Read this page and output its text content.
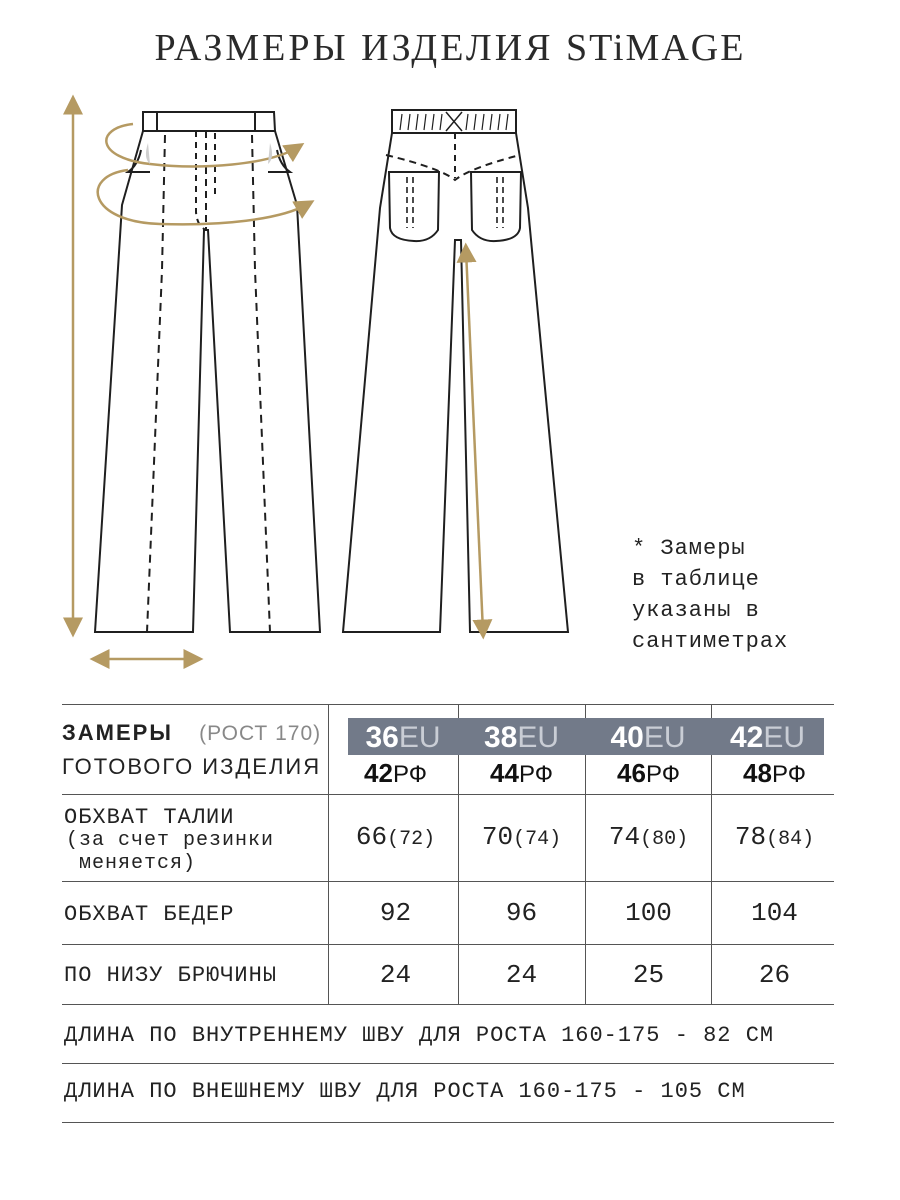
РАЗМЕРЫ ИЗДЕЛИЯ STiMAGE
* Замеры
в таблице
указаны в
сантиметрах
ЗАМЕРЫ (РОСТ 170)
ГОТОВОГО ИЗДЕЛИЯ
36EU	38EU	40EU	42EU
42РФ	44РФ	46РФ	48РФ
ОБХВАТ ТАЛИИ
(за счет резинки
меняется)
66(72)	70(74)	74(80)	78(84)
ОБХВАТ БЕДЕР	92	96	100	104
ПО НИЗУ БРЮЧИНЫ	24	24	25	26
ДЛИНА ПО ВНУТРЕННЕМУ ШВУ ДЛЯ РОСТА 160-175 - 82 СМ
ДЛИНА ПО ВНЕШНЕМУ ШВУ ДЛЯ РОСТА 160-175 - 105 СМ
